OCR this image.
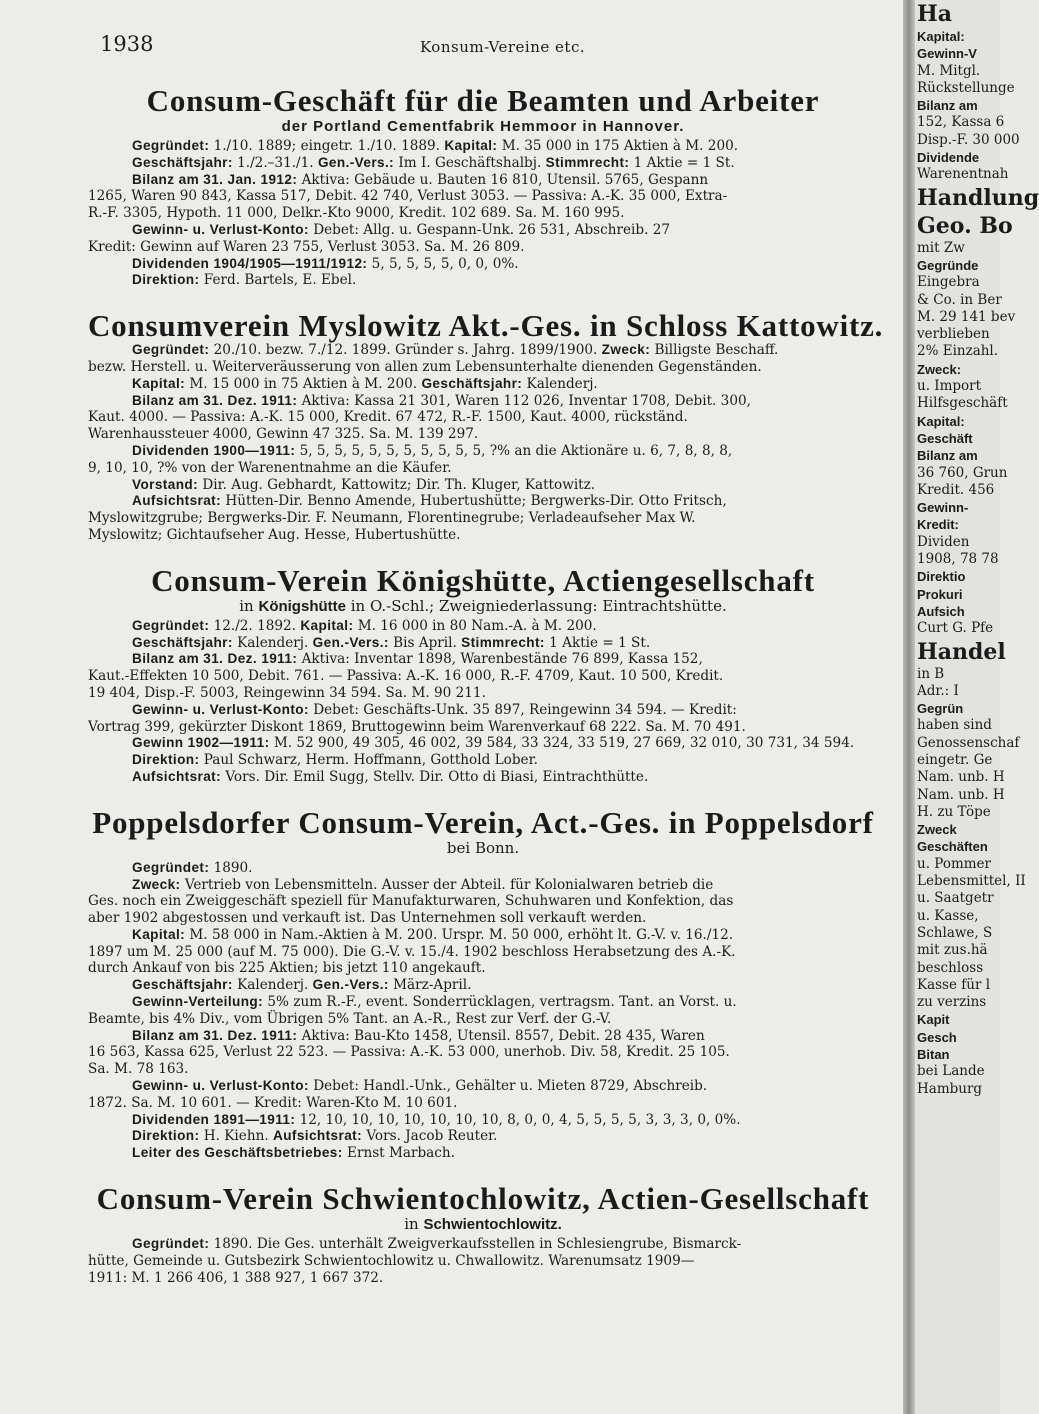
1938	Konsum-Vereine etc.
Consum-Geschäft für die Beamten und Arbeiter
der Portland Cementfabrik Hemmoor in Hannover.

Gegründet: 1./10. 1889; eingetr. 1./10. 1889. Kapital: M. 35 000 in 175 Aktien à M. 200.

Geschäftsjahr: 1./2.–31./1. Gen.-Vers.: Im I. Geschäftshalbj. Stimmrecht: 1 Aktie = 1 St.

Bilanz am 31. Jan. 1912: Aktiva: Gebäude u. Bauten 16 810, Utensil. 5765, Gespann

1265, Waren 90 843, Kassa 517, Debit. 42 740, Verlust 3053. — Passiva: A.-K. 35 000, Extra-

R.-F. 3305, Hypoth. 11 000, Delkr.-Kto 9000, Kredit. 102 689. Sa. M. 160 995.

Gewinn- u. Verlust-Konto: Debet: Allg. u. Gespann-Unk. 26 531, Abschreib. 27

Kredit: Gewinn auf Waren 23 755, Verlust 3053. Sa. M. 26 809.

Dividenden 1904/1905—1911/1912: 5, 5, 5, 5, 5, 0, 0, 0%.

Direktion: Ferd. Bartels, E. Ebel.

Consumverein Myslowitz Akt.-Ges. in Schloss Kattowitz.

Gegründet: 20./10. bezw. 7./12. 1899. Gründer s. Jahrg. 1899/1900. Zweck: Billigste Beschaff.

bezw. Herstell. u. Weiterveräusserung von allen zum Lebensunterhalte dienenden Gegenständen.

Kapital: M. 15 000 in 75 Aktien à M. 200. Geschäftsjahr: Kalenderj.

Bilanz am 31. Dez. 1911: Aktiva: Kassa 21 301, Waren 112 026, Inventar 1708, Debit. 300,

Kaut. 4000. — Passiva: A.-K. 15 000, Kredit. 67 472, R.-F. 1500, Kaut. 4000, rückständ.

Warenhaussteuer 4000, Gewinn 47 325. Sa. M. 139 297.

Dividenden 1900—1911: 5, 5, 5, 5, 5, 5, 5, 5, 5, 5, 5, ?% an die Aktionäre u. 6, 7, 8, 8, 8,

9, 10, 10, ?% von der Warenentnahme an die Käufer.

Vorstand: Dir. Aug. Gebhardt, Kattowitz; Dir. Th. Kluger, Kattowitz.

Aufsichtsrat: Hütten-Dir. Benno Amende, Hubertushütte; Bergwerks-Dir. Otto Fritsch,

Myslowitzgrube; Bergwerks-Dir. F. Neumann, Florentinegrube; Verladeaufseher Max W.

Myslowitz; Gichtaufseher Aug. Hesse, Hubertushütte.

Consum-Verein Königshütte, Actiengesellschaft
in Königshütte in O.-Schl.; Zweigniederlassung: Eintrachtshütte.

Gegründet: 12./2. 1892. Kapital: M. 16 000 in 80 Nam.-A. à M. 200.

Geschäftsjahr: Kalenderj. Gen.-Vers.: Bis April. Stimmrecht: 1 Aktie = 1 St.

Bilanz am 31. Dez. 1911: Aktiva: Inventar 1898, Warenbestände 76 899, Kassa 152,

Kaut.-Effekten 10 500, Debit. 761. — Passiva: A.-K. 16 000, R.-F. 4709, Kaut. 10 500, Kredit.

19 404, Disp.-F. 5003, Reingewinn 34 594. Sa. M. 90 211.

Gewinn- u. Verlust-Konto: Debet: Geschäfts-Unk. 35 897, Reingewinn 34 594. — Kredit:

Vortrag 399, gekürzter Diskont 1869, Bruttogewinn beim Warenverkauf 68 222. Sa. M. 70 491.

Gewinn 1902—1911: M. 52 900, 49 305, 46 002, 39 584, 33 324, 33 519, 27 669, 32 010, 30 731, 34 594.

Direktion: Paul Schwarz, Herm. Hoffmann, Gotthold Lober.

Aufsichtsrat: Vors. Dir. Emil Sugg, Stellv. Dir. Otto di Biasi, Eintrachthütte.

Poppelsdorfer Consum-Verein, Act.-Ges. in Poppelsdorf
bei Bonn.

Gegründet: 1890.

Zweck: Vertrieb von Lebensmitteln. Ausser der Abteil. für Kolonialwaren betrieb die

Ges. noch ein Zweiggeschäft speziell für Manufakturwaren, Schuhwaren und Konfektion, das

aber 1902 abgestossen und verkauft ist. Das Unternehmen soll verkauft werden.

Kapital: M. 58 000 in Nam.-Aktien à M. 200. Urspr. M. 50 000, erhöht lt. G.-V. v. 16./12.

1897 um M. 25 000 (auf M. 75 000). Die G.-V. v. 15./4. 1902 beschloss Herabsetzung des A.-K.

durch Ankauf von bis 225 Aktien; bis jetzt 110 angekauft.

Geschäftsjahr: Kalenderj. Gen.-Vers.: März-April.

Gewinn-Verteilung: 5% zum R.-F., event. Sonderrücklagen, vertragsm. Tant. an Vorst. u.

Beamte, bis 4% Div., vom Übrigen 5% Tant. an A.-R., Rest zur Verf. der G.-V.

Bilanz am 31. Dez. 1911: Aktiva: Bau-Kto 1458, Utensil. 8557, Debit. 28 435, Waren

16 563, Kassa 625, Verlust 22 523. — Passiva: A.-K. 53 000, unerhob. Div. 58, Kredit. 25 105.

Sa. M. 78 163.

Gewinn- u. Verlust-Konto: Debet: Handl.-Unk., Gehälter u. Mieten 8729, Abschreib.

1872. Sa. M. 10 601. — Kredit: Waren-Kto M. 10 601.

Dividenden 1891—1911: 12, 10, 10, 10, 10, 10, 10, 10, 8, 0, 0, 4, 5, 5, 5, 5, 3, 3, 3, 0, 0%.

Direktion: H. Kiehn. Aufsichtsrat: Vors. Jacob Reuter.

Leiter des Geschäftsbetriebes: Ernst Marbach.

Consum-Verein Schwientochlowitz, Actien-Gesellschaft
in Schwientochlowitz.

Gegründet: 1890. Die Ges. unterhält Zweigverkaufsstellen in Schlesiengrube, Bismarck-

hütte, Gemeinde u. Gutsbezirk Schwientochlowitz u. Chwallowitz. Warenumsatz 1909—

1911: M. 1 266 406, 1 388 927, 1 667 372.

Ha
Kapital:
Gewinn-V
M. Mitgl.
Rückstellunge
Bilanz am
152, Kassa 6
Disp.-F. 30 000
Dividende
Warenentnah
Handlung
Geo. Bo
mit Zw
Gegründe
Eingebra
& Co. in Ber
M. 29 141 bev
verblieben
2% Einzahl.
Zweck:
u. Import
Hilfsgeschäft
Kapital:
Geschäft
Bilanz am
36 760, Grun
Kredit. 456
Gewinn-
Kredit:
Dividen
1908, 78 78
Direktio
Prokuri
Aufsich
Curt G. Pfe
Handel
in B
Adr.: I
Gegrün
haben sind
Genossenschaf
eingetr. Ge
Nam. unb. H
Nam. unb. H
H. zu Töpe
Zweck
Geschäften
u. Pommer
Lebensmittel, II
u. Saatgetr
u. Kasse,
Schlawe, S
mit zus.hä
beschloss
Kasse für l
zu verzins
Kapit
Gesch
Bitan
bei Lande
Hamburg
